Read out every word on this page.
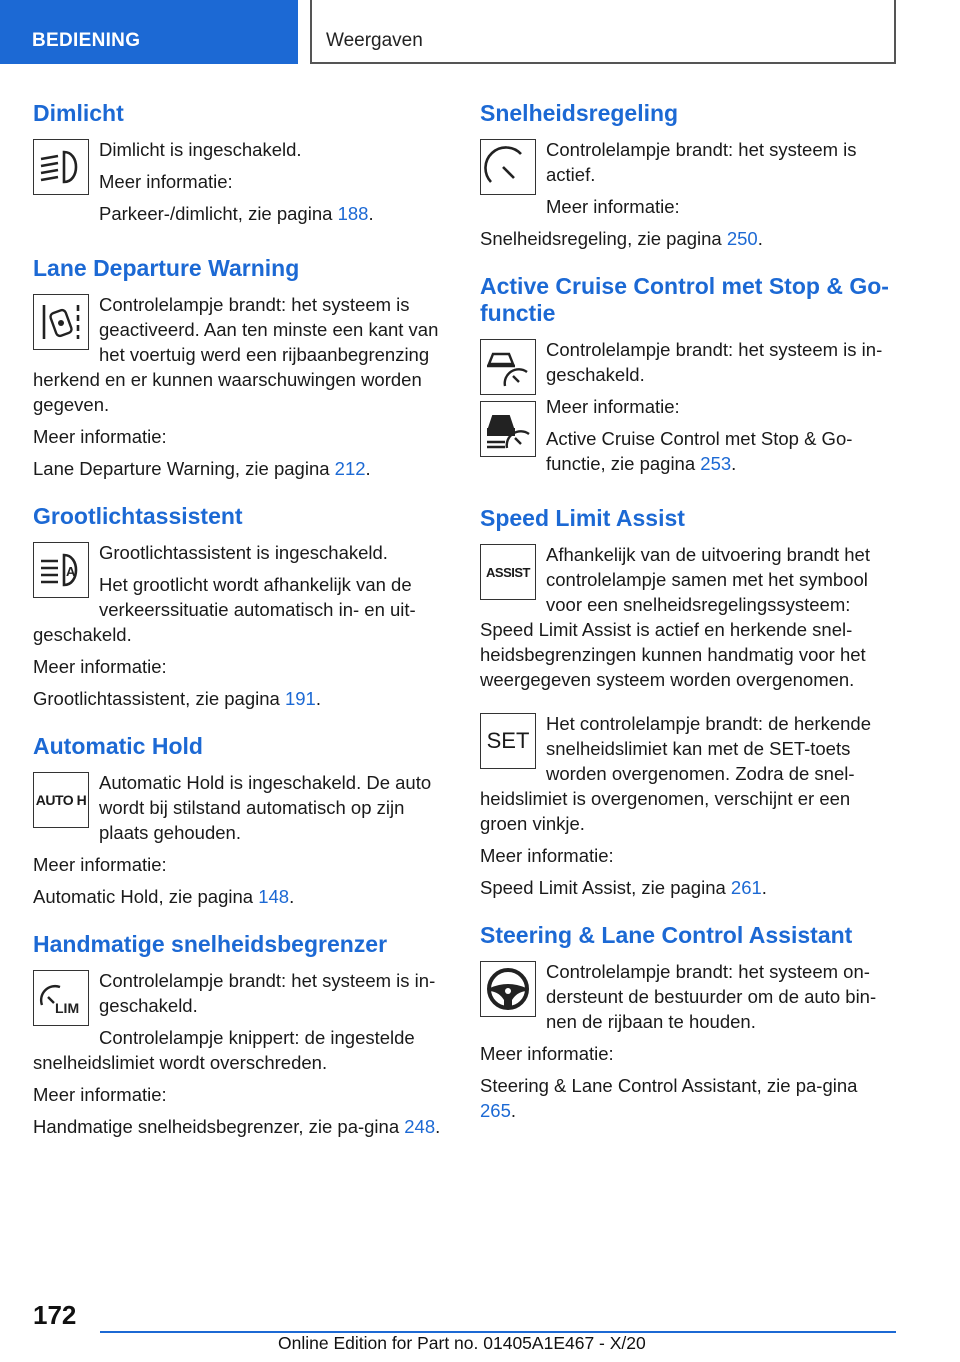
BEDIENING	Weergaven
Dimlicht

Dimlicht is ingeschakeld.

Meer informatie:

Parkeer-/dimlicht, zie pagina 188.

Lane Departure Warning

Controlelampje brandt: het systeem is geactiveerd. Aan ten minste een kant van het voertuig werd een rijbaanbegrenzing herkend en er kunnen waarschuwingen worden gegeven.

Meer informatie:

Lane Departure Warning, zie pagina 212.

Grootlichtassistent
A

Grootlichtassistent is ingeschakeld.

Het grootlicht wordt afhankelijk van de verkeerssituatie automatisch in- en uit-geschakeld.

Meer informatie:

Grootlichtassistent, zie pagina 191.

Automatic Hold
AUTO H

Automatic Hold is ingeschakeld. De auto wordt bij stilstand automatisch op zijn plaats gehouden.

Meer informatie:

Automatic Hold, zie pagina 148.

Handmatige snelheidsbegrenzer
LIM

Controlelampje brandt: het systeem is in-geschakeld.

Controlelampje knippert: de ingestelde snelheidslimiet wordt overschreden.

Meer informatie:

Handmatige snelheidsbegrenzer, zie pa-gina 248.

Snelheidsregeling

Controlelampje brandt: het systeem is actief.

Meer informatie:

Snelheidsregeling, zie pagina 250.

Active Cruise Control met Stop & Go-functie

Controlelampje brandt: het systeem is in-geschakeld.

Meer informatie:

Active Cruise Control met Stop & Go-functie, zie pagina 253.

Speed Limit Assist
ASSIST

Afhankelijk van de uitvoering brandt het controlelampje samen met het symbool voor een snelheidsregelingssysteem: Speed Limit Assist is actief en herkende snel-heidsbegrenzingen kunnen handmatig voor het weergegeven systeem worden overgenomen.

SET

Het controlelampje brandt: de herkende snelheidslimiet kan met de SET-toets worden overgenomen. Zodra de snel-heidslimiet is overgenomen, verschijnt er een groen vinkje.

Meer informatie:

Speed Limit Assist, zie pagina 261.

Steering & Lane Control Assistant

Controlelampje brandt: het systeem on-dersteunt de bestuurder om de auto bin-nen de rijbaan te houden.

Meer informatie:

Steering & Lane Control Assistant, zie pa-gina 265.

172
Online Edition for Part no. 01405A1E467 - X/20
